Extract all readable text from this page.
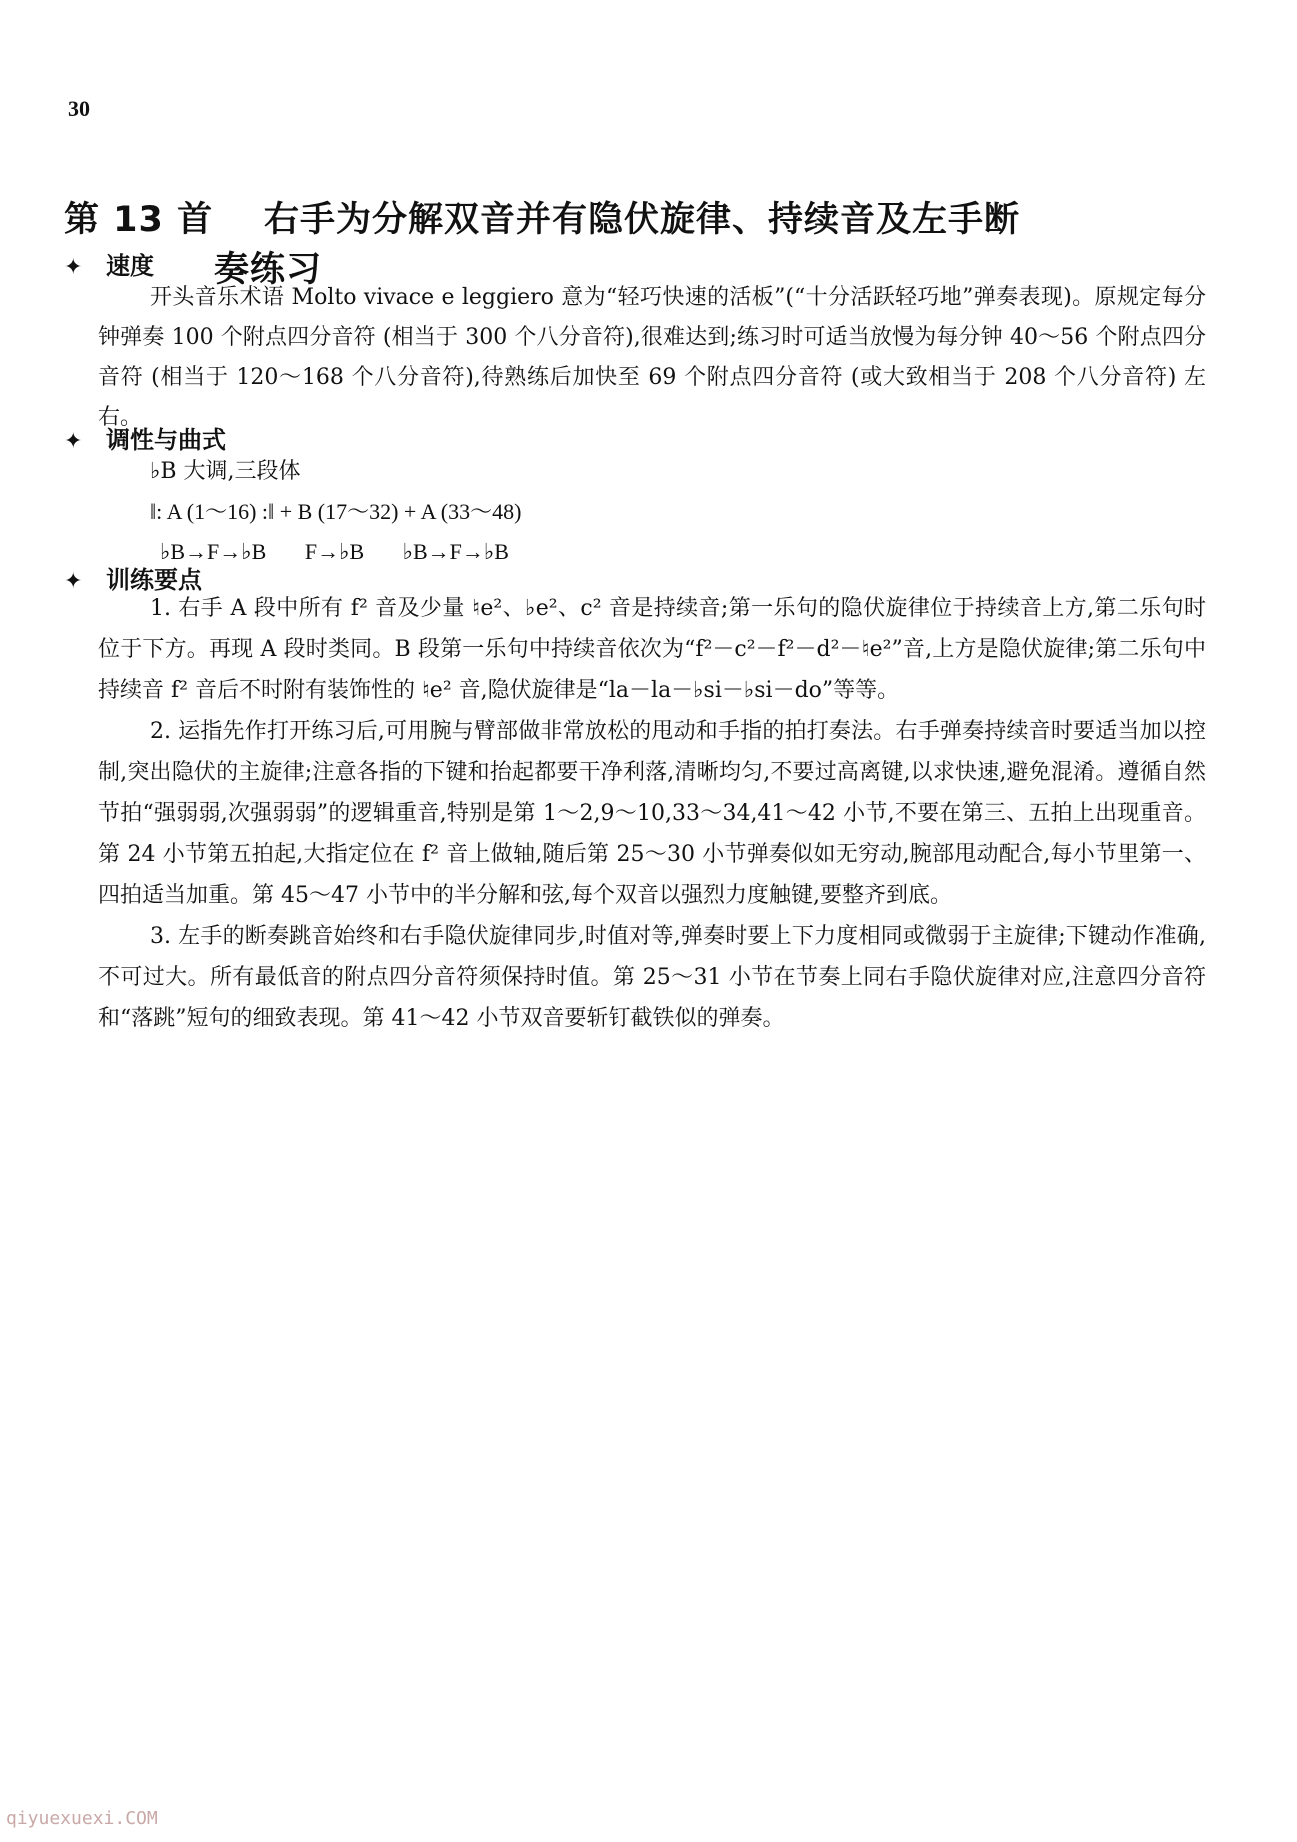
30
第 13 首 右手为分解双音并有隐伏旋律、持续音及左手断
奏练习
✦ 速度

开头音乐术语 Molto vivace e leggiero 意为“轻巧快速的活板”(“十分活跃轻巧地”弹奏表现)。原规定每分钟弹奏 100 个附点四分音符 (相当于 300 个八分音符),很难达到;练习时可适当放慢为每分钟 40～56 个附点四分音符 (相当于 120～168 个八分音符),待熟练后加快至 69 个附点四分音符 (或大致相当于 208 个八分音符) 左右。

✦ 调性与曲式
♭B 大调,三段体
‖: A (1～16) :‖ + B (17～32) + A (33～48)
♭B→F→♭B       F→♭B       ♭B→F→♭B
✦ 训练要点

1. 右手 A 段中所有 f² 音及少量 ♮e²、♭e²、c² 音是持续音;第一乐句的隐伏旋律位于持续音上方,第二乐句时位于下方。再现 A 段时类同。B 段第一乐句中持续音依次为“f²－c²－f²－d²－♮e²”音,上方是隐伏旋律;第二乐句中持续音 f² 音后不时附有装饰性的 ♮e² 音,隐伏旋律是“la－la－♭si－♭si－do”等等。

2. 运指先作打开练习后,可用腕与臂部做非常放松的甩动和手指的拍打奏法。右手弹奏持续音时要适当加以控制,突出隐伏的主旋律;注意各指的下键和抬起都要干净利落,清晰均匀,不要过高离键,以求快速,避免混淆。遵循自然节拍“强弱弱,次强弱弱”的逻辑重音,特别是第 1～2,9～10,33～34,41～42 小节,不要在第三、五拍上出现重音。第 24 小节第五拍起,大指定位在 f² 音上做轴,随后第 25～30 小节弹奏似如无穷动,腕部甩动配合,每小节里第一、四拍适当加重。第 45～47 小节中的半分解和弦,每个双音以强烈力度触键,要整齐到底。

3. 左手的断奏跳音始终和右手隐伏旋律同步,时值对等,弹奏时要上下力度相同或微弱于主旋律;下键动作准确,不可过大。所有最低音的附点四分音符须保持时值。第 25～31 小节在节奏上同右手隐伏旋律对应,注意四分音符和“落跳”短句的细致表现。第 41～42 小节双音要斩钉截铁似的弹奏。

qiyuexuexi.COM
